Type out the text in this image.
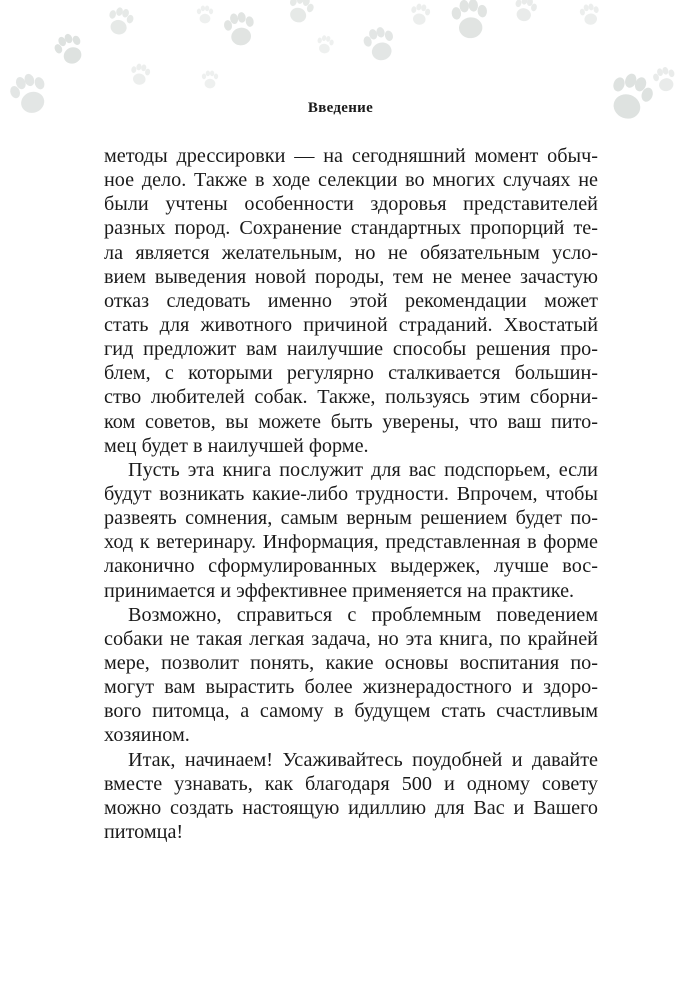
Введение
методы дрессировки — на сегодняшний момент обыч-
ное дело. Также в ходе селекции во многих случаях не
были учтены особенности здоровья представителей
разных пород. Сохранение стандартных пропорций те-
ла является желательным, но не обязательным усло-
вием выведения новой породы, тем не менее зачастую
отказ следовать именно этой рекомендации может
стать для животного причиной страданий. Хвостатый
гид предложит вам наилучшие способы решения про-
блем, с которыми регулярно сталкивается большин-
ство любителей собак. Также, пользуясь этим сборни-
ком советов, вы можете быть уверены, что ваш пито-
мец будет в наилучшей форме.
Пусть эта книга послужит для вас подспорьем, если
будут возникать какие-либо трудности. Впрочем, чтобы
развеять сомнения, самым верным решением будет по-
ход к ветеринару. Информация, представленная в форме
лаконично сформулированных выдержек, лучше вос-
принимается и эффективнее применяется на практике.
Возможно, справиться с проблемным поведением
собаки не такая легкая задача, но эта книга, по крайней
мере, позволит понять, какие основы воспитания по-
могут вам вырастить более жизнерадостного и здоро-
вого питомца, а самому в будущем стать счастливым
хозяином.
Итак, начинаем! Усаживайтесь поудобней и давайте
вместе узнавать, как благодаря 500 и одному совету
можно создать настоящую идиллию для Вас и Вашего
питомца!
